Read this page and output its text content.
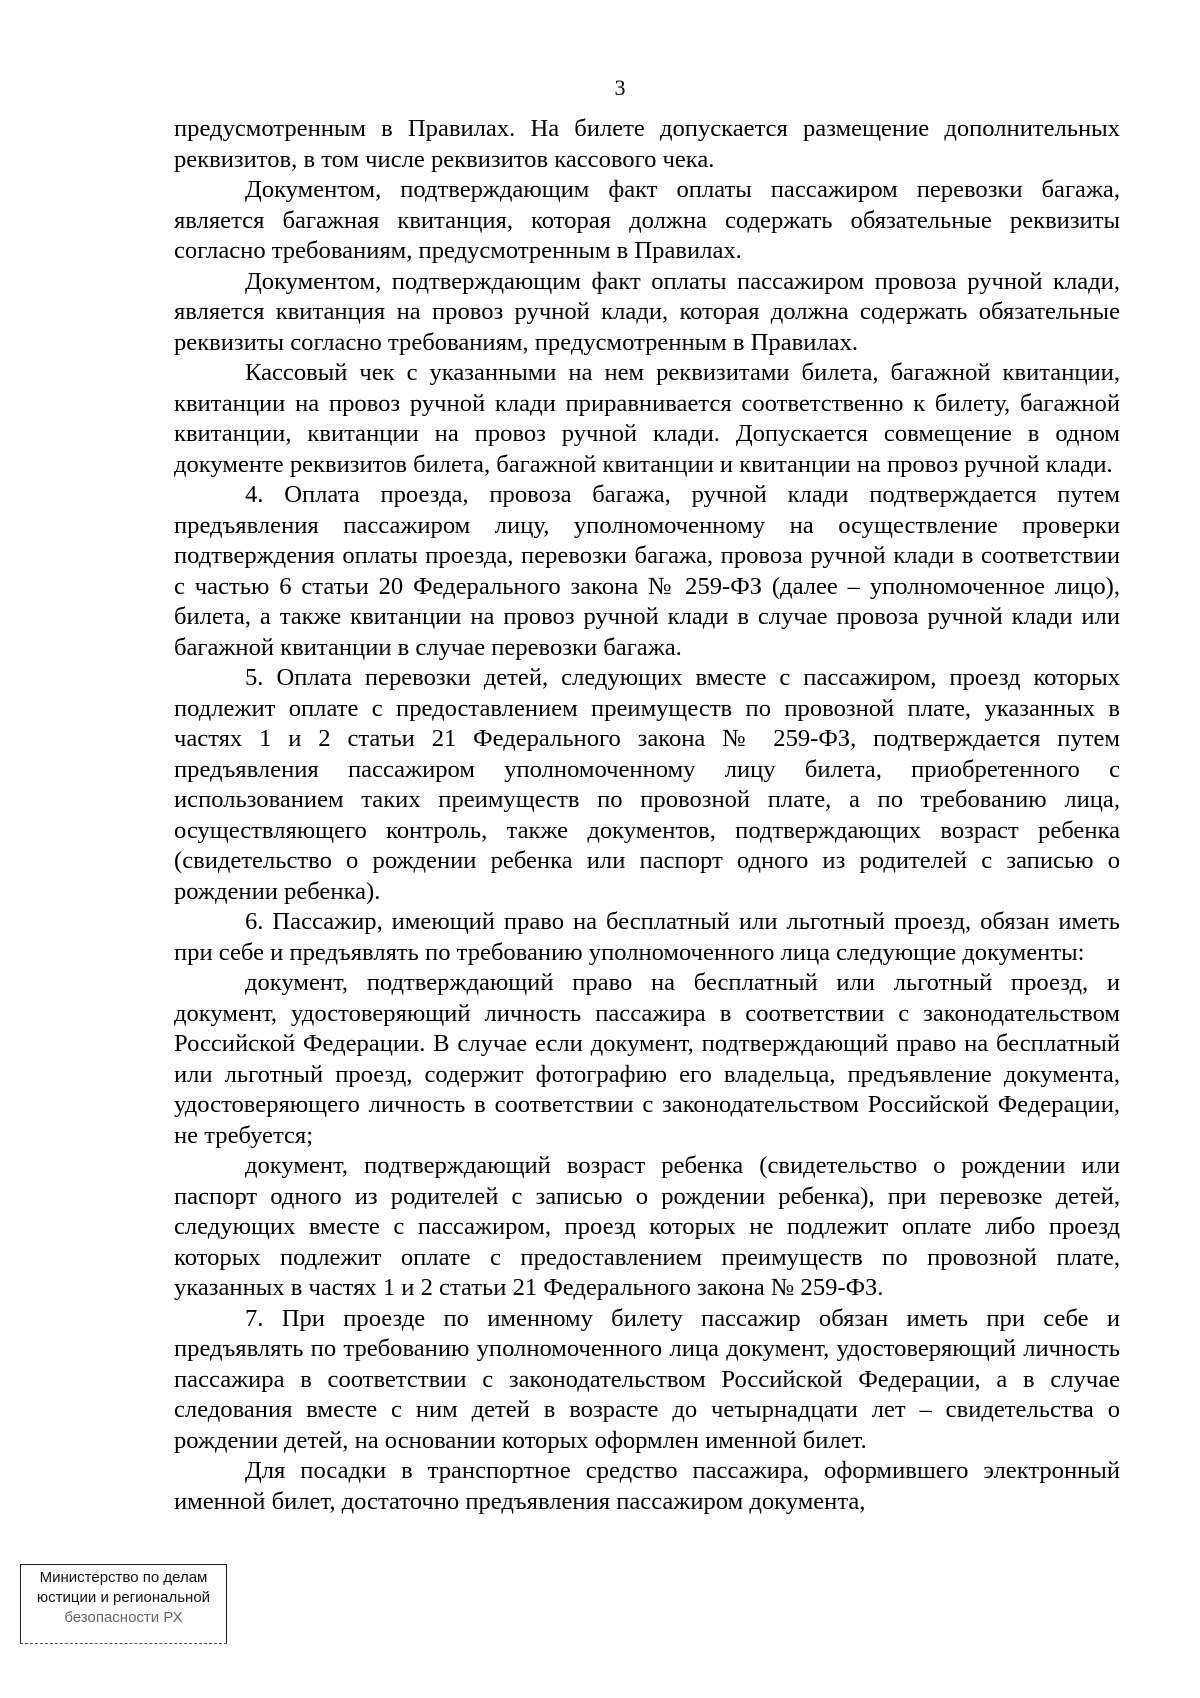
3

предусмотренным в Правилах. На билете допускается размещение дополнительных реквизитов, в том числе реквизитов кассового чека.

Документом, подтверждающим факт оплаты пассажиром перевозки багажа, является багажная квитанция, которая должна содержать обязательные реквизиты согласно требованиям, предусмотренным в Правилах.

Документом, подтверждающим факт оплаты пассажиром провоза ручной клади, является квитанция на провоз ручной клади, которая должна содержать обязательные реквизиты согласно требованиям, предусмотренным в Правилах.

Кассовый чек с указанными на нем реквизитами билета, багажной квитанции, квитанции на провоз ручной клади приравнивается соответственно к билету, багажной квитанции, квитанции на провоз ручной клади. Допускается совмещение в одном документе реквизитов билета, багажной квитанции и квитанции на провоз ручной клади.

4. Оплата проезда, провоза багажа, ручной клади подтверждается путем предъявления пассажиром лицу, уполномоченному на осуществление проверки подтверждения оплаты проезда, перевозки багажа, провоза ручной клади в соответствии с частью 6 статьи 20 Федерального закона № 259-ФЗ (далее – уполномоченное лицо), билета, а также квитанции на провоз ручной клади в случае провоза ручной клади или багажной квитанции в случае перевозки багажа.

5. Оплата перевозки детей, следующих вместе с пассажиром, проезд которых подлежит оплате с предоставлением преимуществ по провозной плате, указанных в частях 1 и 2 статьи 21 Федерального закона № 259-ФЗ, подтверждается путем предъявления пассажиром уполномоченному лицу билета, приобретенного с использованием таких преимуществ по провозной плате, а по требованию лица, осуществляющего контроль, также документов, подтверждающих возраст ребенка (свидетельство о рождении ребенка или паспорт одного из родителей с записью о рождении ребенка).

6. Пассажир, имеющий право на бесплатный или льготный проезд, обязан иметь при себе и предъявлять по требованию уполномоченного лица следующие документы:

документ, подтверждающий право на бесплатный или льготный проезд, и документ, удостоверяющий личность пассажира в соответствии с законодательством Российской Федерации. В случае если документ, подтверждающий право на бесплатный или льготный проезд, содержит фотографию его владельца, предъявление документа, удостоверяющего личность в соответствии с законодательством Российской Федерации, не требуется;

документ, подтверждающий возраст ребенка (свидетельство о рождении или паспорт одного из родителей с записью о рождении ребенка), при перевозке детей, следующих вместе с пассажиром, проезд которых не подлежит оплате либо проезд которых подлежит оплате с предоставлением преимуществ по провозной плате, указанных в частях 1 и 2 статьи 21 Федерального закона № 259-ФЗ.

7. При проезде по именному билету пассажир обязан иметь при себе и предъявлять по требованию уполномоченного лица документ, удостоверяющий личность пассажира в соответствии с законодательством Российской Федерации, а в случае следования вместе с ним детей в возрасте до четырнадцати лет – свидетельства о рождении детей, на основании которых оформлен именной билет.

Для посадки в транспортное средство пассажира, оформившего электронный именной билет, достаточно предъявления пассажиром документа,

Министерство по делам
юстиции и региональной
безопасности РХ
